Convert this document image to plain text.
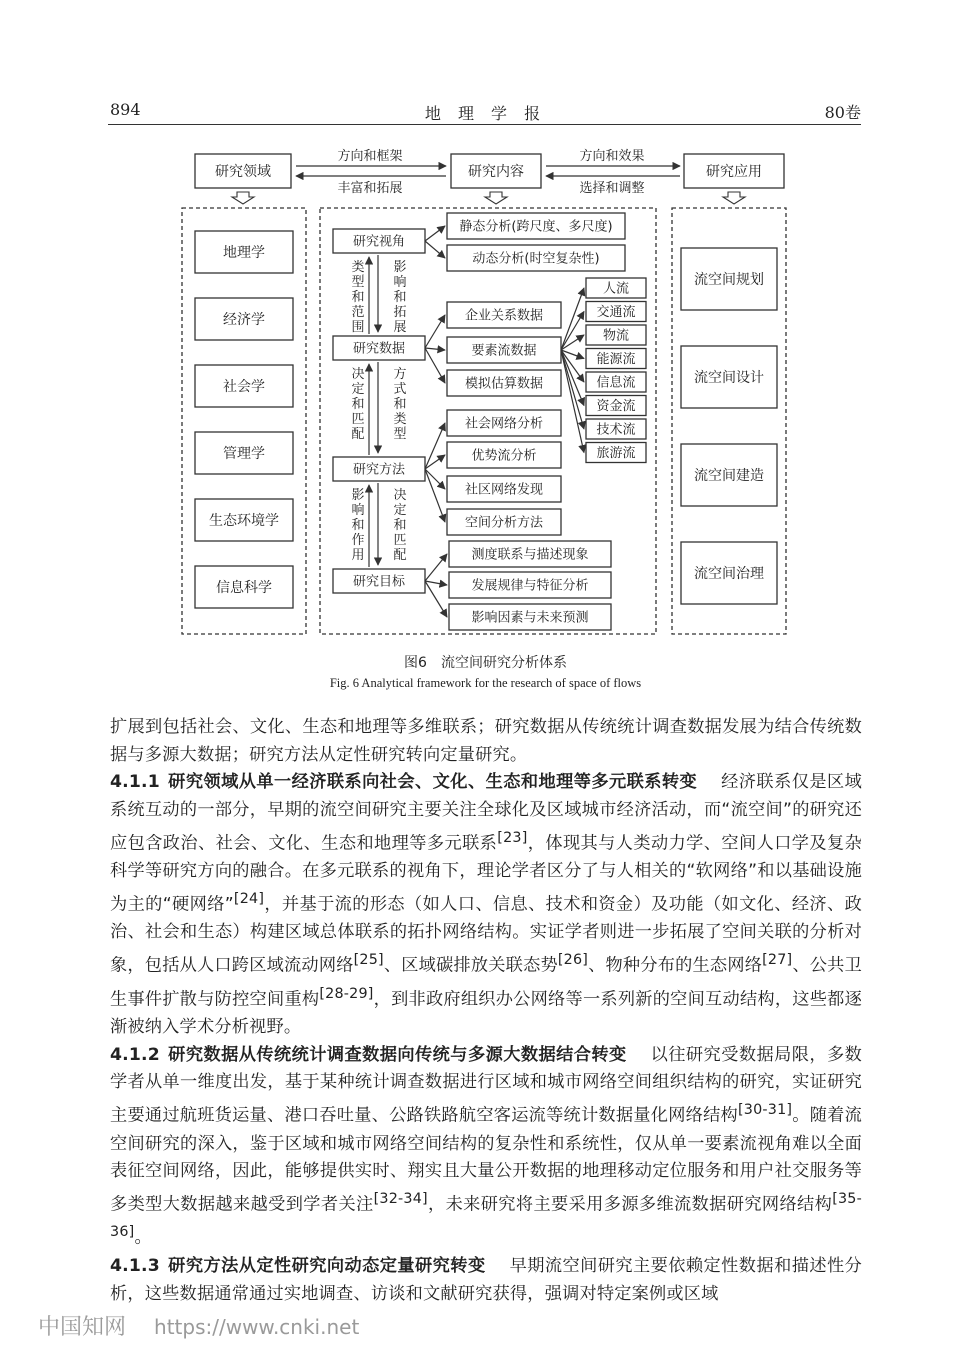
894	地 理 学 报	80卷
研究领域	研究内容	研究应用
方向和框架
丰富和拓展
方向和效果
选择和调整
地理学
经济学
社会学
管理学
生态环境学
信息科学
流空间规划
流空间设计
流空间建造
流空间治理
研究视角
研究数据
研究方法
研究目标
类
型
和
范
围
影
响
和
拓
展
决
定
和
匹
配
方
式
和
类
型
影
响
和
作
用
决
定
和
匹
配
静态分析(跨尺度、多尺度)
动态分析(时空复杂性)
企业关系数据
要素流数据
模拟估算数据
人流
交通流
物流
能源流
信息流
资金流
技术流
旅游流
社会网络分析
优势流分析
社区网络发现
空间分析方法
测度联系与描述现象
发展规律与特征分析
影响因素与未来预测
图6　流空间研究分析体系
Fig. 6 Analytical framework for the research of space of flows

扩展到包括社会、文化、生态和地理等多维联系；研究数据从传统统计调查数据发展为结合传统数据与多源大数据；研究方法从定性研究转向定量研究。

4.1.1 研究领域从单一经济联系向社会、文化、生态和地理等多元联系转变 经济联系仅是区域系统互动的一部分，早期的流空间研究主要关注全球化及区域城市经济活动，而“流空间”的研究还应包含政治、社会、文化、生态和地理等多元联系[23]，体现其与人类动力学、空间人口学及复杂科学等研究方向的融合。在多元联系的视角下，理论学者区分了与人相关的“软网络”和以基础设施为主的“硬网络”[24]，并基于流的形态（如人口、信息、技术和资金）及功能（如文化、经济、政治、社会和生态）构建区域总体联系的拓扑网络结构。实证学者则进一步拓展了空间关联的分析对象，包括从人口跨区域流动网络[25]、区域碳排放关联态势[26]、物种分布的生态网络[27]、公共卫生事件扩散与防控空间重构[28-29]，到非政府组织办公网络等一系列新的空间互动结构，这些都逐渐被纳入学术分析视野。

4.1.2 研究数据从传统统计调查数据向传统与多源大数据结合转变 以往研究受数据局限，多数学者从单一维度出发，基于某种统计调查数据进行区域和城市网络空间组织结构的研究，实证研究主要通过航班货运量、港口吞吐量、公路铁路航空客运流等统计数据量化网络结构[30-31]。随着流空间研究的深入，鉴于区域和城市网络空间结构的复杂性和系统性，仅从单一要素流视角难以全面表征空间网络，因此，能够提供实时、翔实且大量公开数据的地理移动定位服务和用户社交服务等多类型大数据越来越受到学者关注[32-34]，未来研究将主要采用多源多维流数据研究网络结构[35-36]。

4.1.3 研究方法从定性研究向动态定量研究转变 早期流空间研究主要依赖定性数据和描述性分析，这些数据通常通过实地调查、访谈和文献研究获得，强调对特定案例或区域

中国知网 https://www.cnki.net
